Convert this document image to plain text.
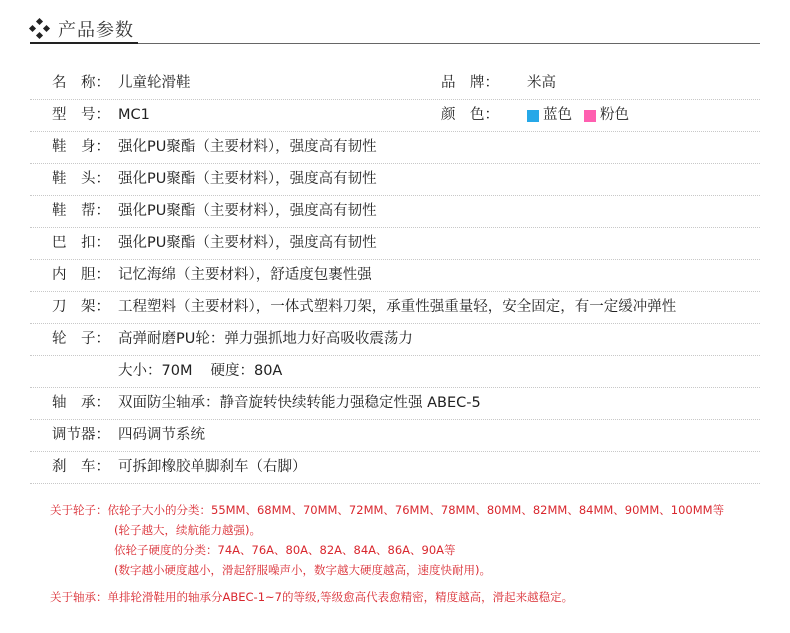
产品参数
名　称： 儿童轮滑鞋	品　牌：	米高
型　号： MC1	颜　色：	蓝色 粉色
鞋　身： 强化PU聚酯（主要材料），强度高有韧性
鞋　头： 强化PU聚酯（主要材料），强度高有韧性
鞋　帮： 强化PU聚酯（主要材料），强度高有韧性
巴　扣： 强化PU聚酯（主要材料），强度高有韧性
内　胆： 记忆海绵（主要材料），舒适度包裹性强
刀　架： 工程塑料（主要材料），一体式塑料刀架，承重性强重量轻，安全固定，有一定缓冲弹性
轮　子： 高弹耐磨PU轮：弹力强抓地力好高吸收震荡力
大小：70M 硬度：80A
轴　承： 双面防尘轴承：静音旋转快续转能力强稳定性强 ABEC-5
调节器： 四码调节系统
刹　车： 可拆卸橡胶单脚刹车（右脚）
关于轮子：依轮子大小的分类：55MM、68MM、70MM、72MM、76MM、78MM、80MM、82MM、84MM、90MM、100MM等
(轮子越大，续航能力越强)。
依轮子硬度的分类：74A、76A、80A、82A、84A、86A、90A等
(数字越小硬度越小，滑起舒服噪声小，数字越大硬度越高，速度快耐用)。
关于轴承：单排轮滑鞋用的轴承分ABEC-1~7的等级,等级愈高代表愈精密，精度越高，滑起来越稳定。
